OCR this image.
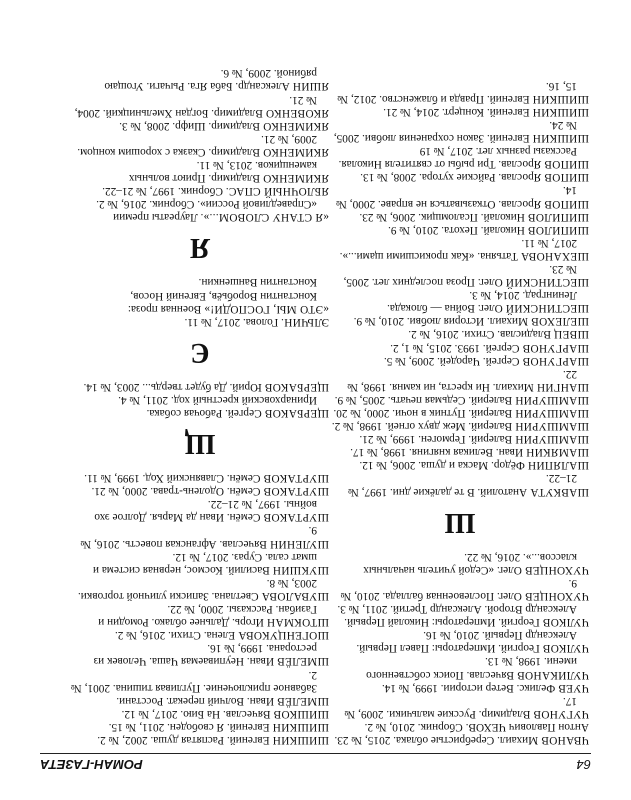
64
РОМАН-ГАЗЕТА

ЧВАНОВ Михаил. Серебристые облака. 2015, № 23.

Антон Павлович ЧЕХОВ. Сборник. 2010, № 2.

ЧУГУНОВ Владимир. Русские мальчики. 2009, № 17.

ЧУЕВ Феликс. Ветер истории. 1999, № 14.

ЧУЛИКАНОВ Вячеслав. Поиск собственного имени. 1998, № 13.

ЧУЛКОВ Георгий. Императоры: Павел Первый. Александр Первый. 2010, № 16.

ЧУЛКОВ Георгий. Императоры: Николай Первый. Александр Второй. Александр Третий. 2011, № 3.

ЧУХОНЦЕВ Олег. Послевоенная баллада. 2010, № 9.

ЧУХОНЦЕВ Олег. «Седой учитель начальных классов...». 2016, № 22.

Ш

ШАВКУТА Анатолий. В те далёкие дни. 1997, № 21–22.

ШАЛЯПИН Фёдор. Маска и душа. 2006, № 12.

ШАМЯКИН Иван. Великая княгиня. 1998, № 17.

ШАМШУРИН Валерий. Гермоген. 1999, № 21.

ШАМШУРИН Валерий. Меж двух огней. 1998, № 2.

ШАМШУРИН Валерий. Путник в ночи. 2000, № 20.

ШАМШУРИН Валерий. Седьмая печать. 2005, № 9.

ШАНГИН Михаил. Ни креста, ни камня. 1998, № 22.

ШАРГУНОВ Сергей. Чародей. 2009, № 5.

ШАРГУНОВ Сергей. 1993. 2015, № 1, 2.

ШВЕЦ Владислав. Стихи. 2016, № 2.

ШЕЛЕХОВ Михаил. История любви. 2010, № 9.

ШЕСТИНСКИЙ Олег. Война — блокада. Ленинград. 2014, № 3.

ШЕСТИНСКИЙ Олег. Проза последних лет. 2005, № 23.

ШЕХАНОВА Татьяна. «Как прокисшими щами...». 2017, № 11.

ШИПИЛОВ Николай. Пехота. 2010, № 9.

ШИПИЛОВ Николай. Псаломщик. 2006, № 23.

ШИПОВ Ярослав. Отказываться не вправе. 2000, № 14.

ШИПОВ Ярослав. Райские хутора. 2008, № 13.

ШИПОВ Ярослав. Три рыбы от святителя Николая. Рассказы разных лет. 2017, № 19

ШИШКИН Евгений. Закон сохранения любви. 2005, № 24.

ШИШКИН Евгений. Концерт. 2014, № 21.

ШИШКИН Евгений. Правда и блаженство. 2012, № 15, 16.

ШИШКИН Евгений. Распятая душа. 2002, № 2.

ШИШКИН Евгений. Я свободен. 2011, № 15.

ШИШКОВ Вячеслав. На Бию. 2017, № 12.

ШМЕЛЁВ Иван. Волчий перекат. Росстани. Забавное приключение. Пугливая тишина. 2001, № 2.

ШМЕЛЁВ Иван. Неупиваемая Чаша. Человек из ресторана. 1999, № 16.

ШОГЕНЦУКОВА Елена. Стихи. 2016, № 2.

ШТОКМАН Игорь. Дальнее облако. Ромодин и Газибан. Рассказы. 2000, № 22.

ШУВАЛОВА Светлана. Записки уличной торговки. 2003, № 8.

ШУКШИН Василий. Космос, нервная система и шмат сала. Сураз. 2017, № 12.

ШУЛЕНИН Вячеслав. Афганская повесть. 2016, № 9.

ШУРТАКОВ Семён. Иван да Марья. Долгое эхо войны. 1997, № 21–22.

ШУРТАКОВ Семён. Одолень-трава. 2000, № 21.

ШУРТАКОВ Семён. Славянский Ход. 1999, № 11.

Щ

ЩЕРБАКОВ Сергей. Рабочая собака. Иринарховский крестный ход. 2011, № 4.

ЩЕРБАКОВ Юрий. Да будет твердь... 2003, № 14.

Є

ЭЛЬЧИН. Голова. 2017, № 11.

«ЭТО МЫ, ГОСПОДИ!» Военная проза: Константин Воробьёв, Евгений Носов, Константин Ваншенкин.

Я

«Я СТАНУ СЛОВОМ...». Лауреаты премии «Справедливой России». Сборник. 2016, № 2.

ЯБЛОЧНЫЙ СПАС. Сборник. 1997, № 21–22.

ЯКИМЕНКО Владимир. Приют вольных каменщиков. 2013, № 11.

ЯКИМЕНКО Владимир. Сказка с хорошим концом. 2009, № 21.

ЯКИМЕНКО Владимир. Шифр. 2008, № 3.

ЯКОВЕНКО Владимир. Богдан Хмельницкий. 2004, № 21.

ЯШИН Александр. Баба Яга. Рычаги. Угощаю рябиной. 2009, № 6.
